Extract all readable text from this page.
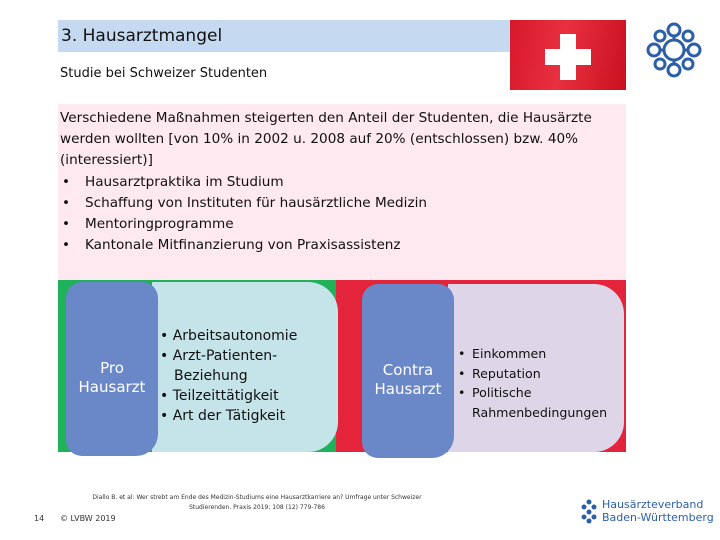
3. Hausarztmangel
Studie bei Schweizer Studenten

Verschiedene Maßnahmen steigerten den Anteil der Studenten, die Hausärzte

werden wollten [von 10% in 2002 u. 2008 auf 20% (entschlossen) bzw. 40% (interessiert)]

• Hausarztpraktika im Studium
• Schaffung von Instituten für hausärztliche Medizin
• Mentoringprogramme
• Kantonale Mitfinanzierung von Praxisassistenz
Pro
Hausarzt
• Arbeitsautonomie
• Arzt-Patienten-Beziehung
• Teilzeittätigkeit
• Art der Tätigkeit
Contra
Hausarzt
• Einkommen
• Reputation
• Politische Rahmenbedingungen
Diallo B. et al: Wer strebt am Ende des Medizin-Studiums eine Hausarztkarriere an? Umfrage unter Schweizer
Studierenden. Praxis 2019; 108 (12) 779-786
14 © LVBW 2019
Hausärzteverband
Baden-Württemberg
